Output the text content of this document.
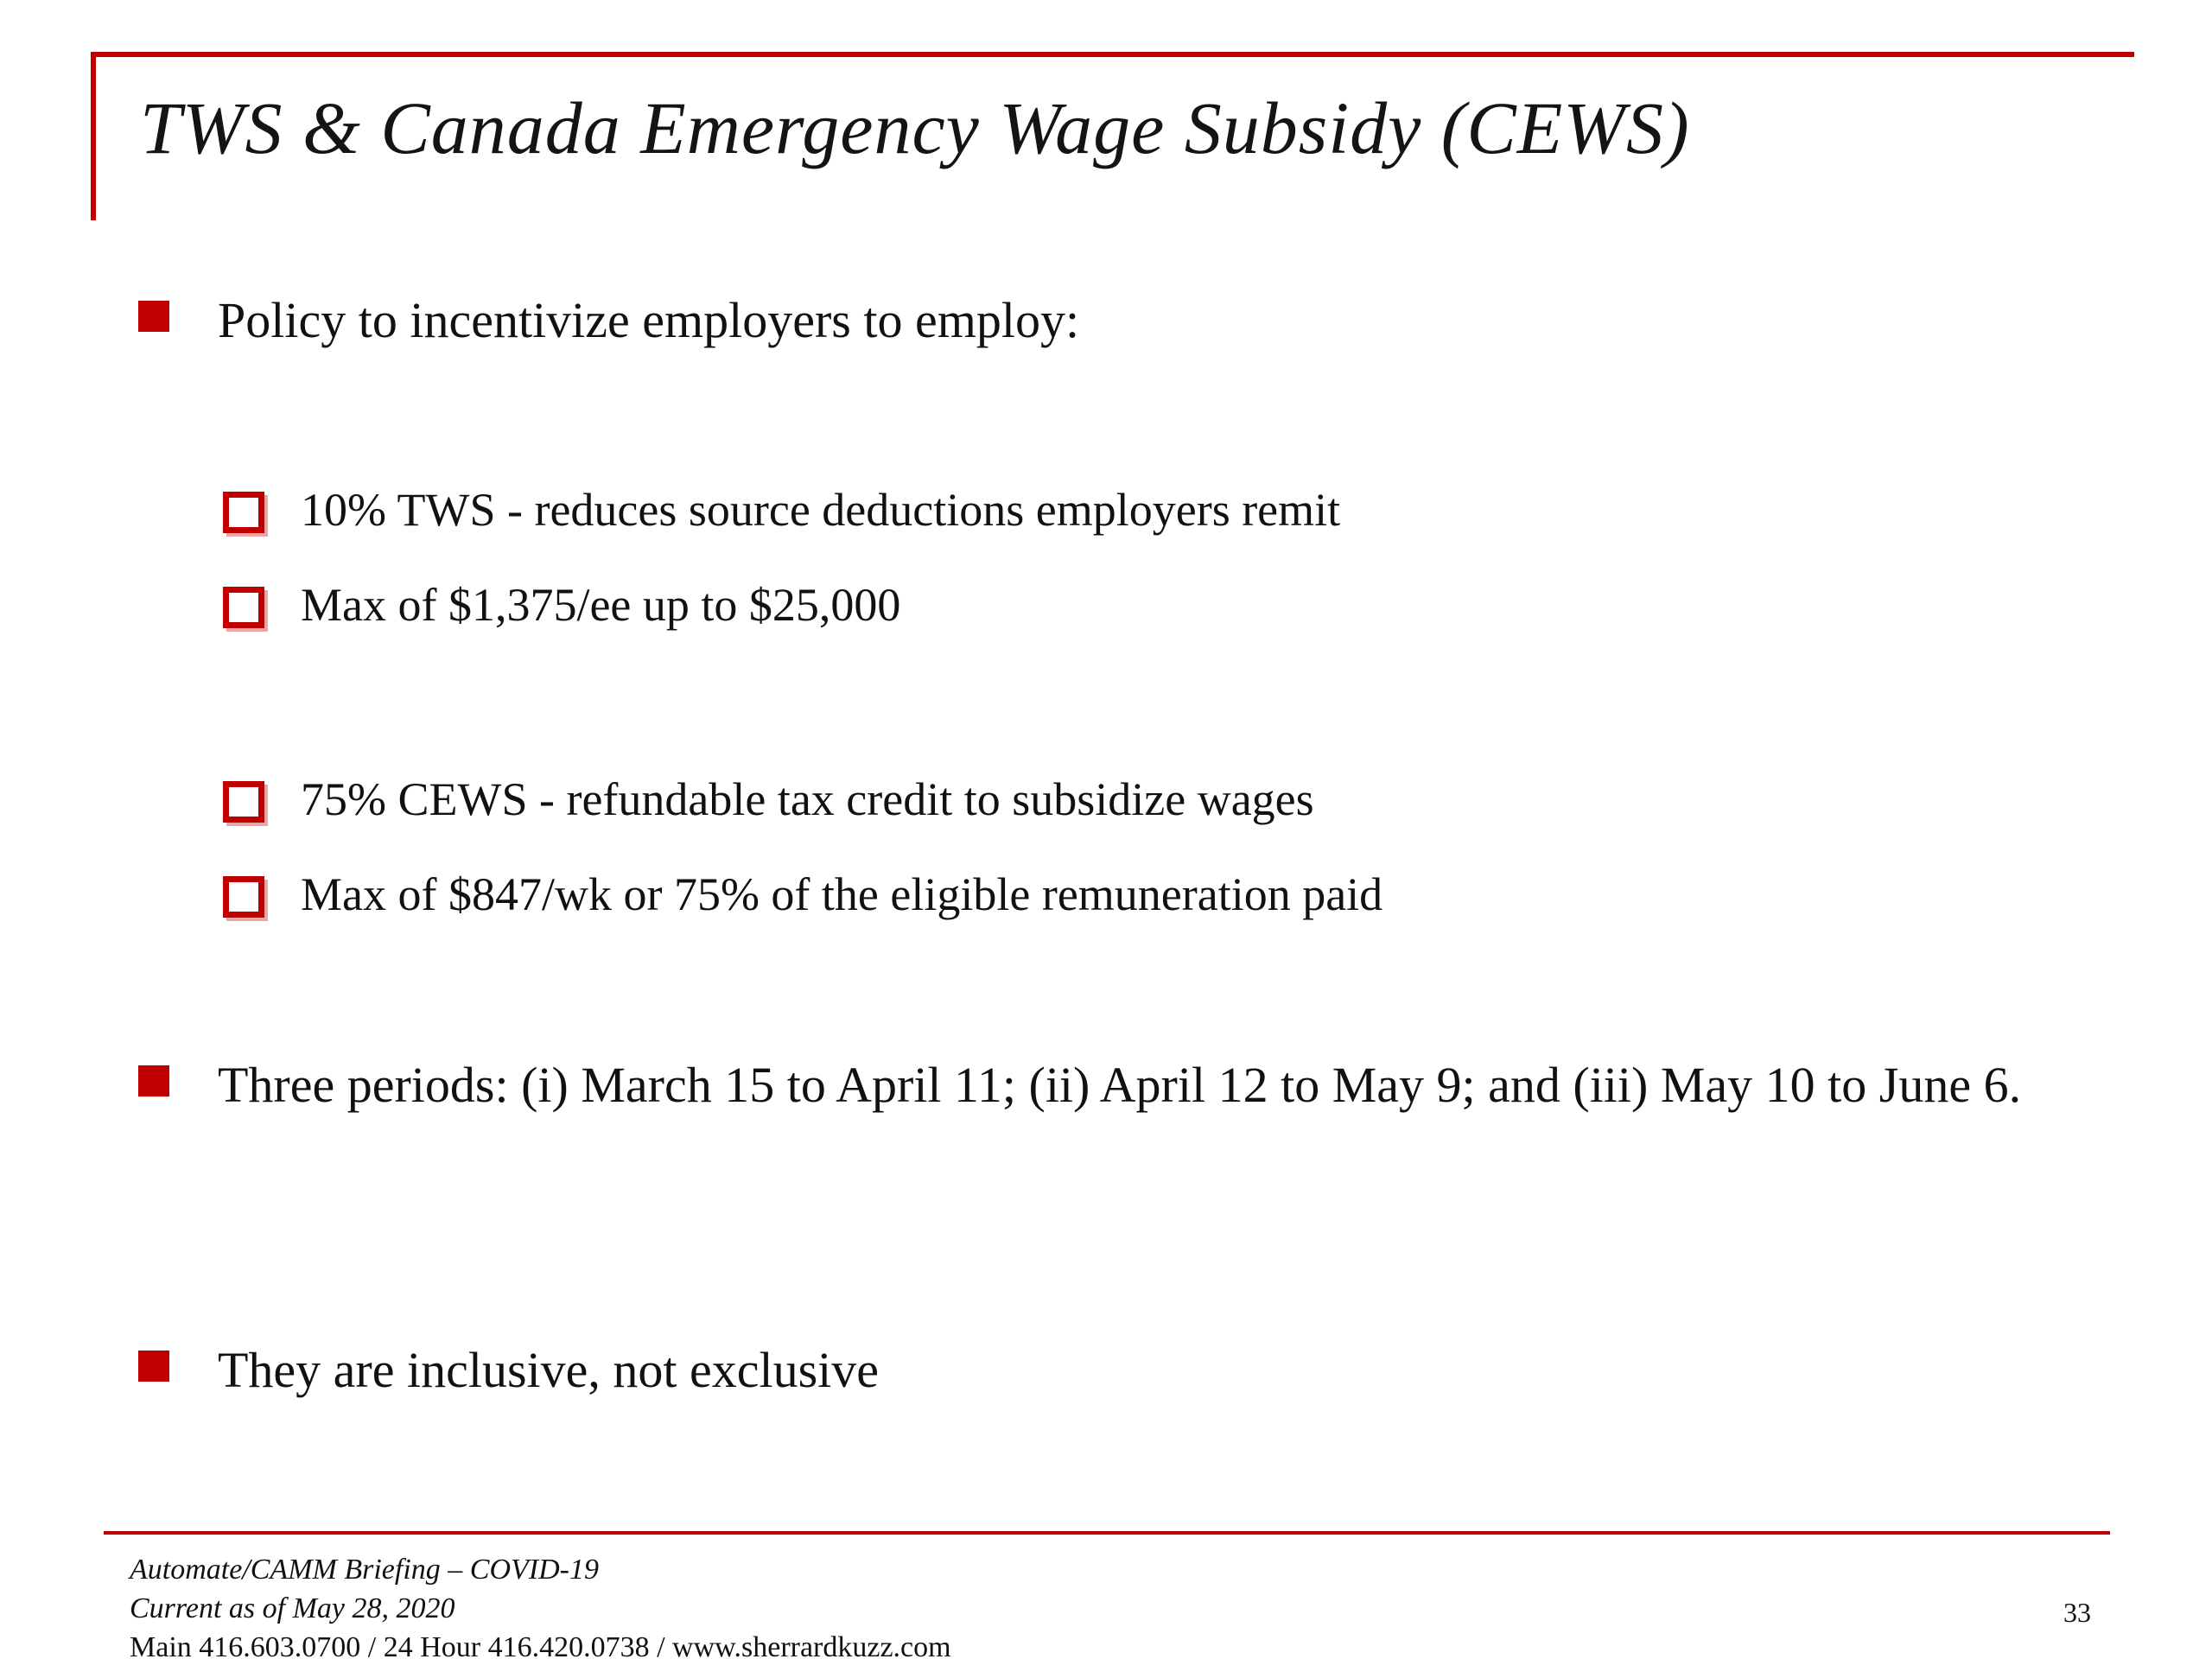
TWS & Canada Emergency Wage Subsidy (CEWS)
Policy to incentivize employers to employ:
10% TWS - reduces source deductions employers remit
Max of $1,375/ee up to $25,000
75% CEWS - refundable tax credit to subsidize wages
Max of $847/wk or 75% of the eligible remuneration paid
Three periods: (i) March 15 to April 11; (ii) April 12 to May 9; and (iii) May 10 to June 6.
They are inclusive, not exclusive
Automate/CAMM Briefing – COVID-19
Current as of May 28, 2020
Main 416.603.0700 / 24 Hour 416.420.0738 / www.sherrardkuzz.com
33
